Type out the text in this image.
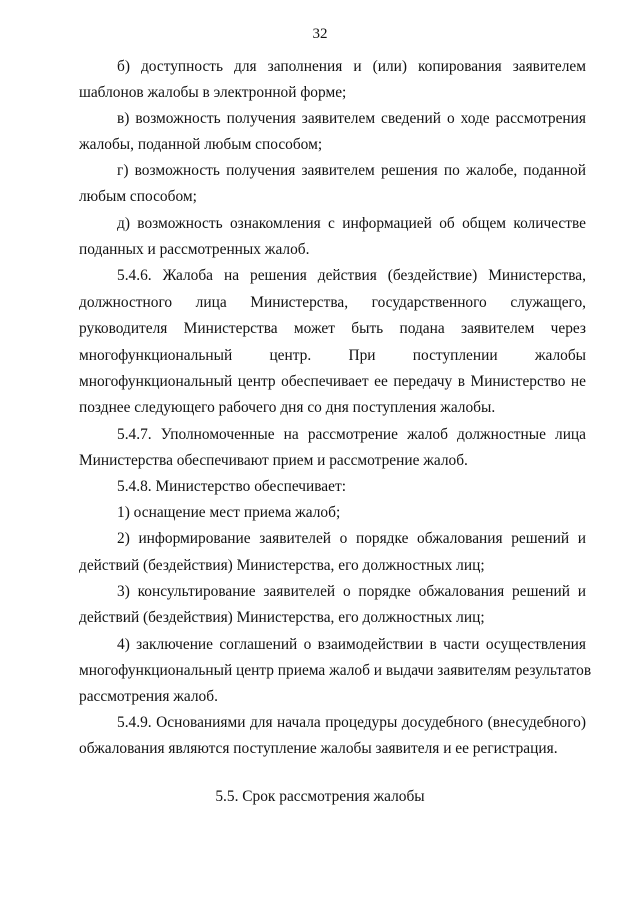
32
б) доступность для заполнения и (или) копирования заявителем
шаблонов жалобы в электронной форме;
в) возможность получения заявителем сведений о ходе рассмотрения
жалобы, поданной любым способом;
г) возможность получения заявителем решения по жалобе, поданной
любым способом;
д) возможность ознакомления с информацией об общем количестве
поданных и рассмотренных жалоб.
5.4.6. Жалоба на решения действия (бездействие) Министерства,
должностного лица Министерства, государственного служащего,
руководителя Министерства может быть подана заявителем через
многофункциональный центр. При поступлении жалобы
многофункциональный центр обеспечивает ее передачу в Министерство не
позднее следующего рабочего дня со дня поступления жалобы.
5.4.7. Уполномоченные на рассмотрение жалоб должностные лица
Министерства обеспечивают прием и рассмотрение жалоб.
5.4.8. Министерство обеспечивает:
1) оснащение мест приема жалоб;
2) информирование заявителей о порядке обжалования решений и
действий (бездействия) Министерства, его должностных лиц;
3) консультирование заявителей о порядке обжалования решений и
действий (бездействия) Министерства, его должностных лиц;
4) заключение соглашений о взаимодействии в части осуществления
многофункциональный центр приема жалоб и выдачи заявителям результатов
рассмотрения жалоб.
5.4.9. Основаниями для начала процедуры досудебного (внесудебного)
обжалования являются поступление жалобы заявителя и ее регистрация.
5.5. Срок рассмотрения жалобы
